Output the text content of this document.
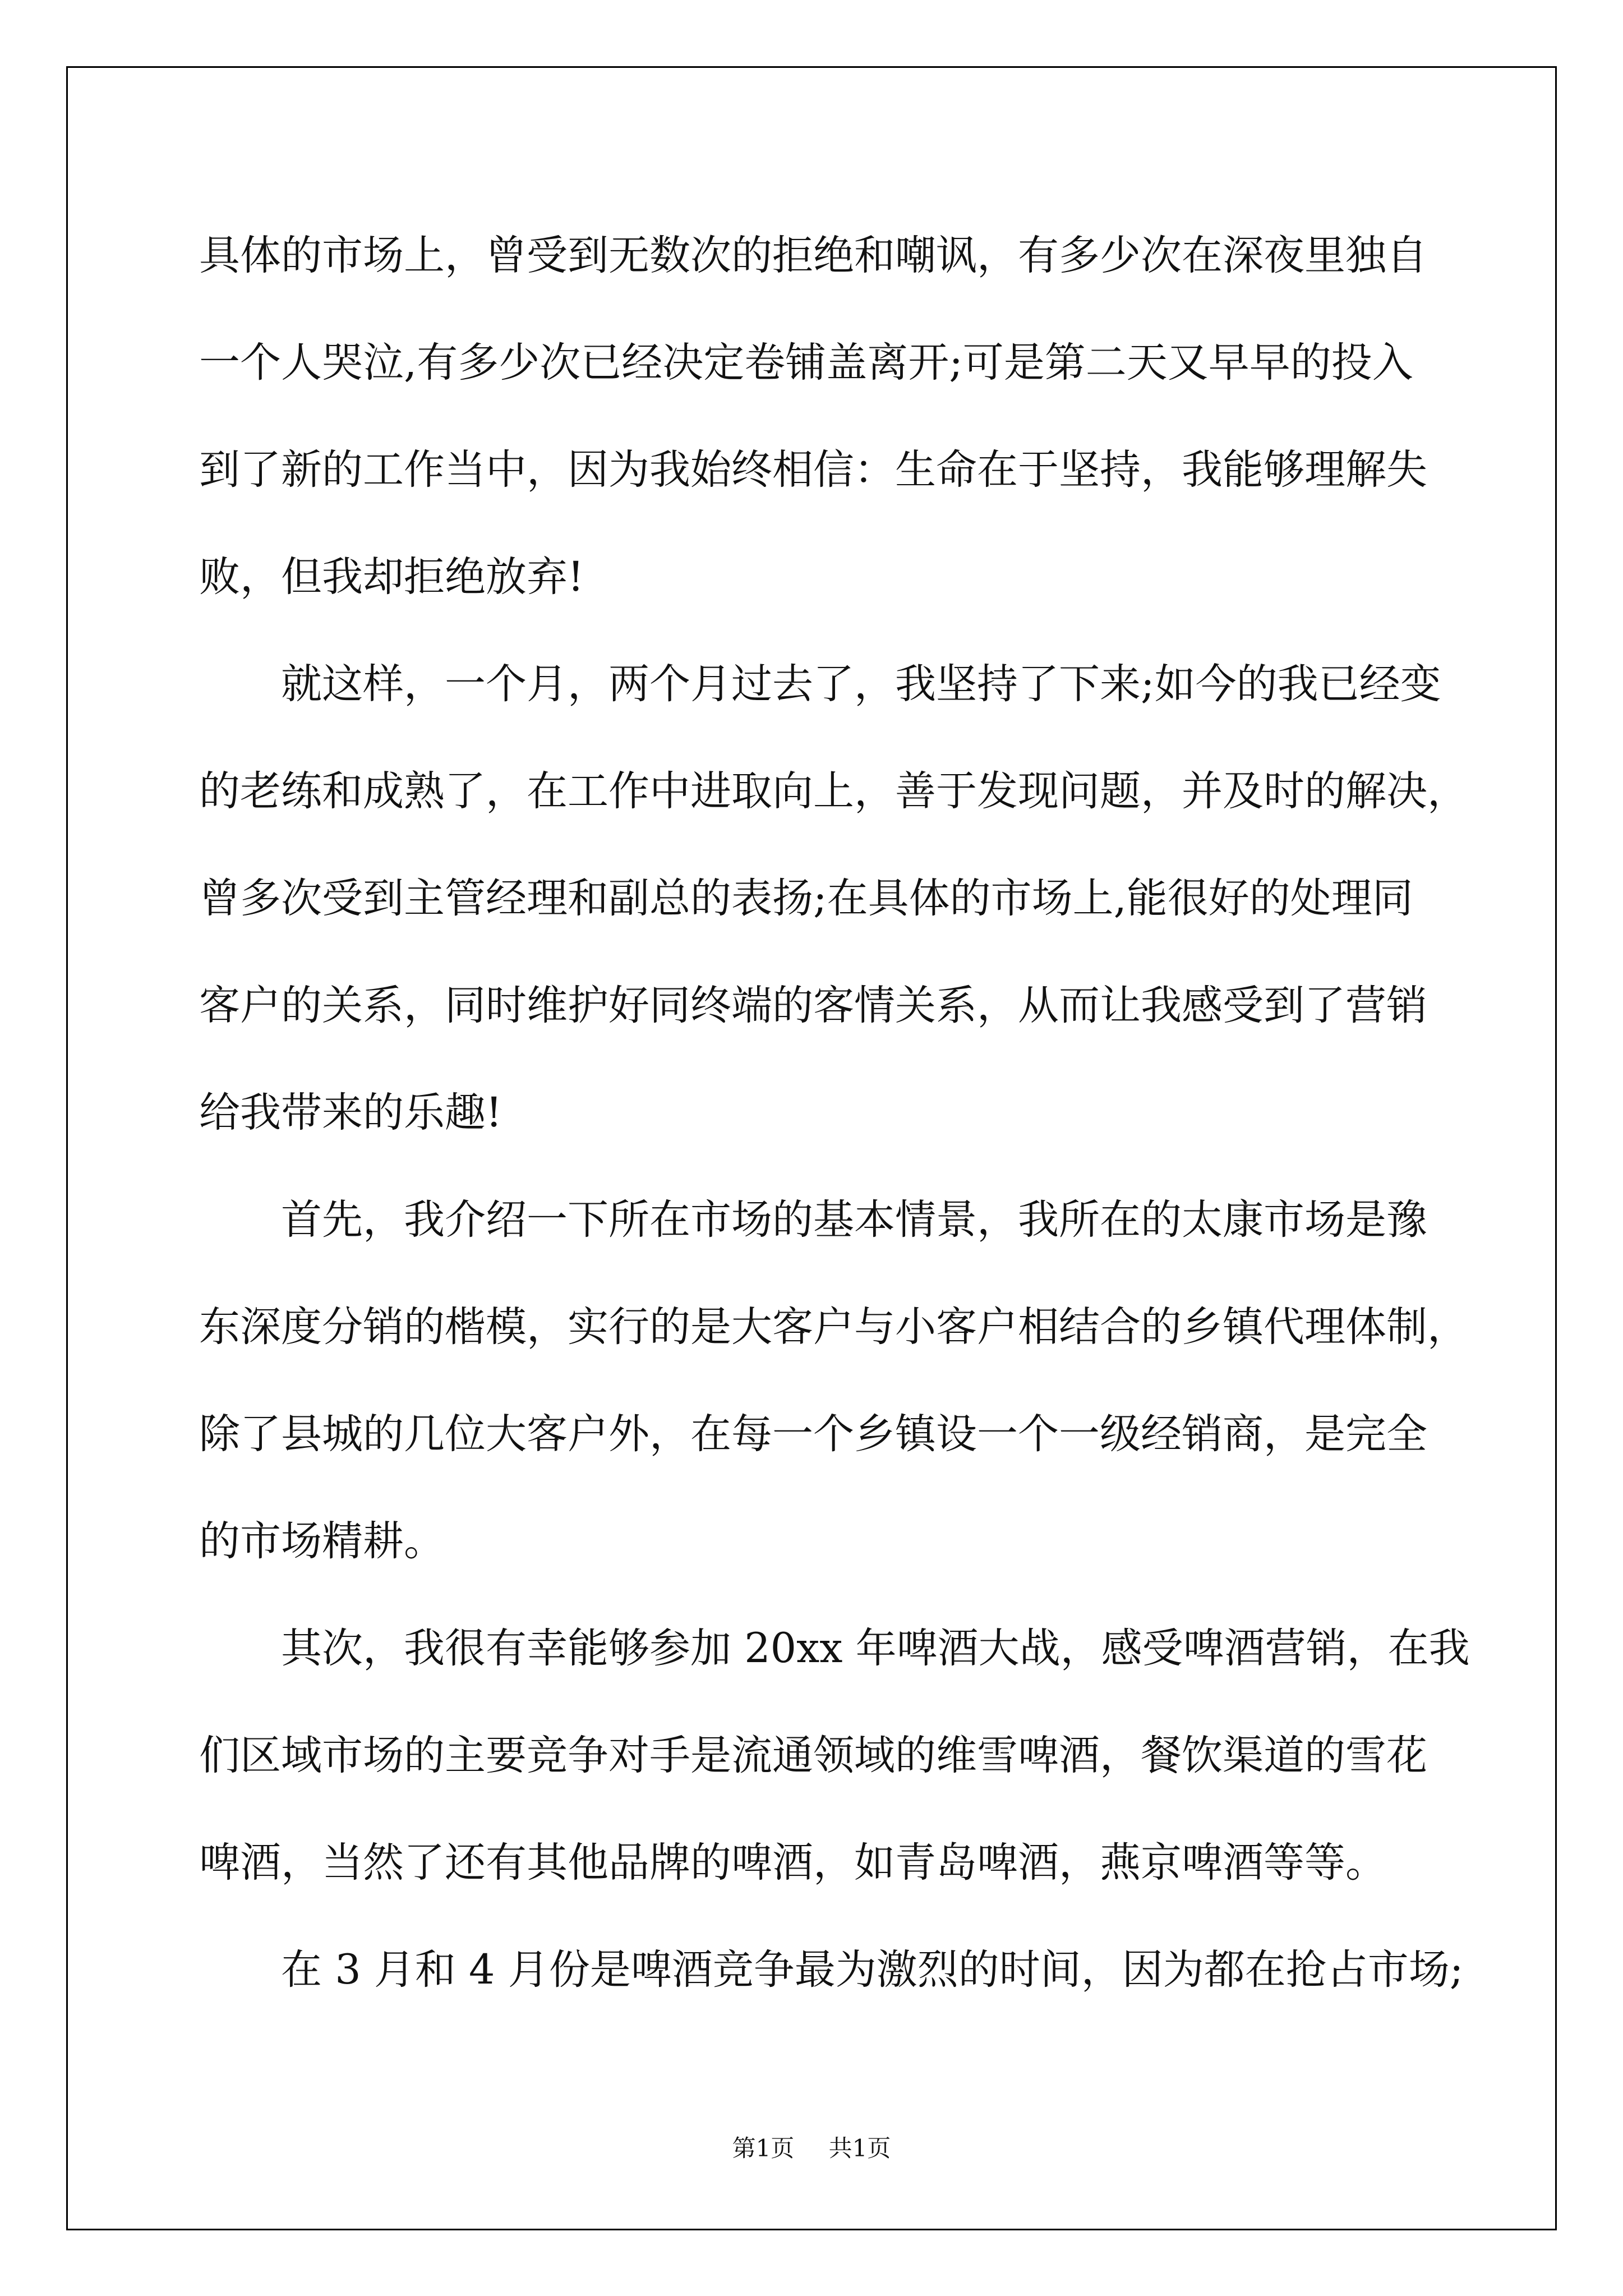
具体的市场上，曾受到无数次的拒绝和嘲讽，有多少次在深夜里独自
一个人哭泣,有多少次已经决定卷铺盖离开;可是第二天又早早的投入
到了新的工作当中，因为我始终相信：生命在于坚持，我能够理解失
败，但我却拒绝放弃!
　　就这样，一个月，两个月过去了，我坚持了下来;如今的我已经变
的老练和成熟了，在工作中进取向上，善于发现问题，并及时的解决，
曾多次受到主管经理和副总的表扬;在具体的市场上,能很好的处理同
客户的关系，同时维护好同终端的客情关系，从而让我感受到了营销
给我带来的乐趣!
　　首先，我介绍一下所在市场的基本情景，我所在的太康市场是豫
东深度分销的楷模，实行的是大客户与小客户相结合的乡镇代理体制，
除了县城的几位大客户外，在每一个乡镇设一个一级经销商，是完全
的市场精耕。
　　其次，我很有幸能够参加 20xx 年啤酒大战，感受啤酒营销，在我
们区域市场的主要竞争对手是流通领域的维雪啤酒，餐饮渠道的雪花
啤酒，当然了还有其他品牌的啤酒，如青岛啤酒，燕京啤酒等等。
　　在 3 月和 4 月份是啤酒竞争最为激烈的时间，因为都在抢占市场;
第1页 共1页
